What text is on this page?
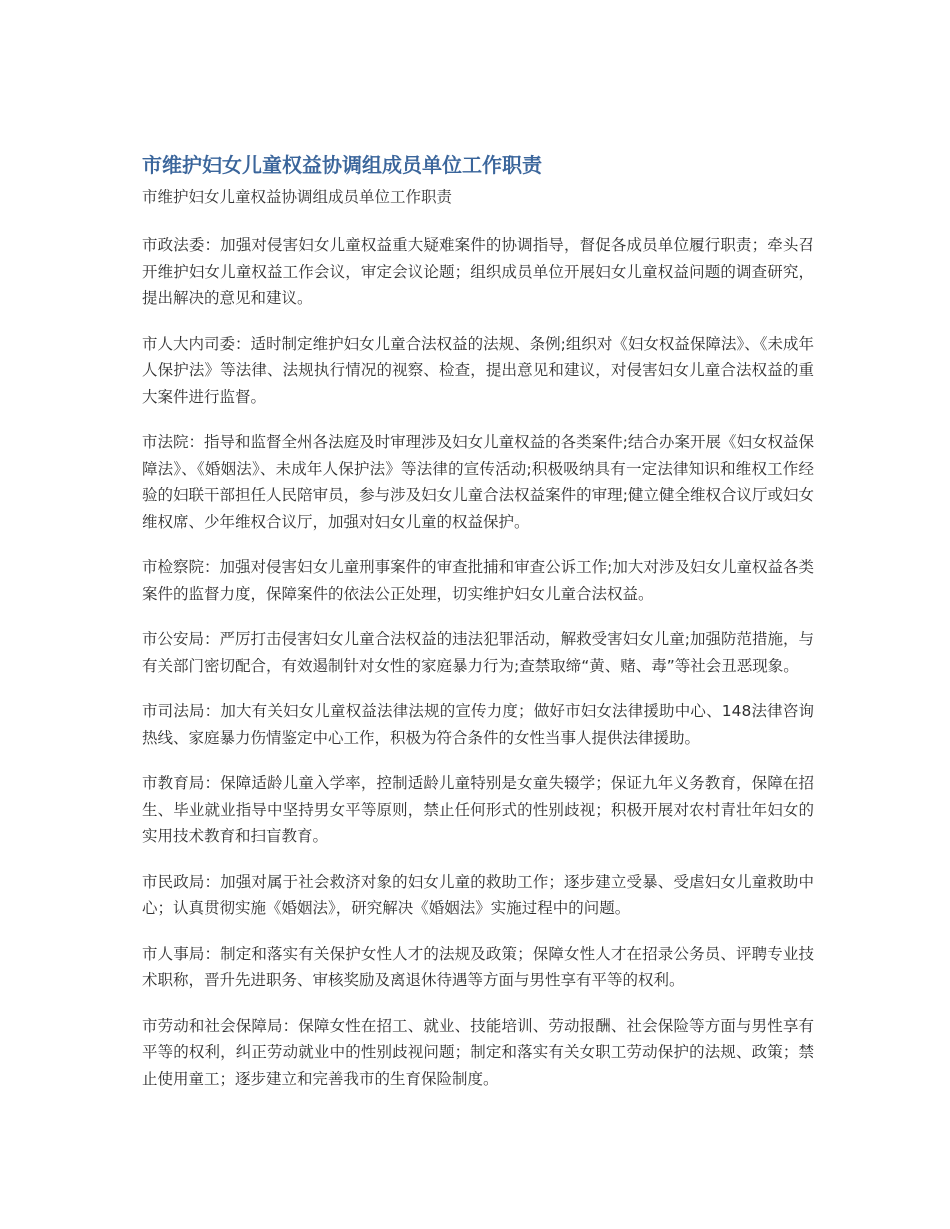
市维护妇女儿童权益协调组成员单位工作职责
市维护妇女儿童权益协调组成员单位工作职责

市政法委：加强对侵害妇女儿童权益重大疑难案件的协调指导，督促各成员单位履行职责；牵头召开维护妇女儿童权益工作会议，审定会议论题；组织成员单位开展妇女儿童权益问题的调查研究，提出解决的意见和建议。

市人大内司委：适时制定维护妇女儿童合法权益的法规、条例;组织对《妇女权益保障法》、《未成年人保护法》等法律、法规执行情况的视察、检查，提出意见和建议，对侵害妇女儿童合法权益的重大案件进行监督。

市法院：指导和监督全州各法庭及时审理涉及妇女儿童权益的各类案件;结合办案开展《妇女权益保障法》、《婚姻法》、未成年人保护法》等法律的宣传活动;积极吸纳具有一定法律知识和维权工作经验的妇联干部担任人民陪审员，参与涉及妇女儿童合法权益案件的审理;健立健全维权合议厅或妇女维权席、少年维权合议厅，加强对妇女儿童的权益保护。

市检察院：加强对侵害妇女儿童刑事案件的审查批捕和审查公诉工作;加大对涉及妇女儿童权益各类案件的监督力度，保障案件的依法公正处理，切实维护妇女儿童合法权益。

市公安局：严厉打击侵害妇女儿童合法权益的违法犯罪活动，解救受害妇女儿童;加强防范措施，与有关部门密切配合，有效遏制针对女性的家庭暴力行为;查禁取缔“黄、赌、毒”等社会丑恶现象。

市司法局：加大有关妇女儿童权益法律法规的宣传力度；做好市妇女法律援助中心、148法律咨询热线、家庭暴力伤情鉴定中心工作，积极为符合条件的女性当事人提供法律援助。

市教育局：保障适龄儿童入学率，控制适龄儿童特别是女童失辍学；保证九年义务教育，保障在招生、毕业就业指导中坚持男女平等原则，禁止任何形式的性别歧视；积极开展对农村青壮年妇女的实用技术教育和扫盲教育。

市民政局：加强对属于社会救济对象的妇女儿童的救助工作；逐步建立受暴、受虐妇女儿童救助中心；认真贯彻实施《婚姻法》，研究解决《婚姻法》实施过程中的问题。

市人事局：制定和落实有关保护女性人才的法规及政策；保障女性人才在招录公务员、评聘专业技术职称，晋升先进职务、审核奖励及离退休待遇等方面与男性享有平等的权利。

市劳动和社会保障局：保障女性在招工、就业、技能培训、劳动报酬、社会保险等方面与男性享有平等的权利，纠正劳动就业中的性别歧视问题；制定和落实有关女职工劳动保护的法规、政策；禁止使用童工；逐步建立和完善我市的生育保险制度。
